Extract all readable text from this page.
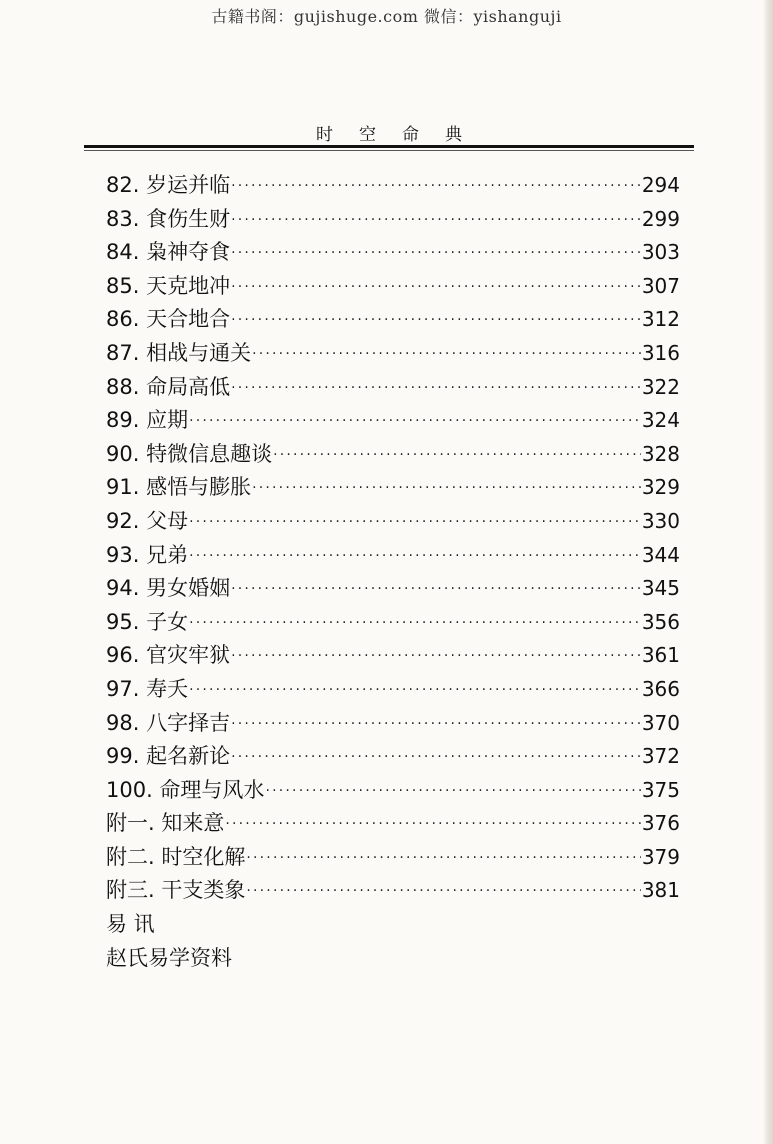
古籍书阁：gujishuge.com 微信：yishanguji
时空命典
82. 岁运并临 ·····	294
83. 食伤生财 ·····	299
84. 枭神夺食 ·····	303
85. 天克地冲 ·····	307
86. 天合地合 ·····	312
87. 相战与通关 ·····	316
88. 命局高低 ·····	322
89. 应期 ·····	324
90. 特微信息趣谈 ·····	328
91. 感悟与膨胀 ·····	329
92. 父母 ·····	330
93. 兄弟 ·····	344
94. 男女婚姻 ·····	345
95. 子女 ·····	356
96. 官灾牢狱 ·····	361
97. 寿夭 ·····	366
98. 八字择吉 ·····	370
99. 起名新论 ·····	372
100. 命理与风水 ·····	375
附一. 知来意 ·····	376
附二. 时空化解 ·····	379
附三. 干支类象 ·····	381
易 讯
赵氏易学资料
